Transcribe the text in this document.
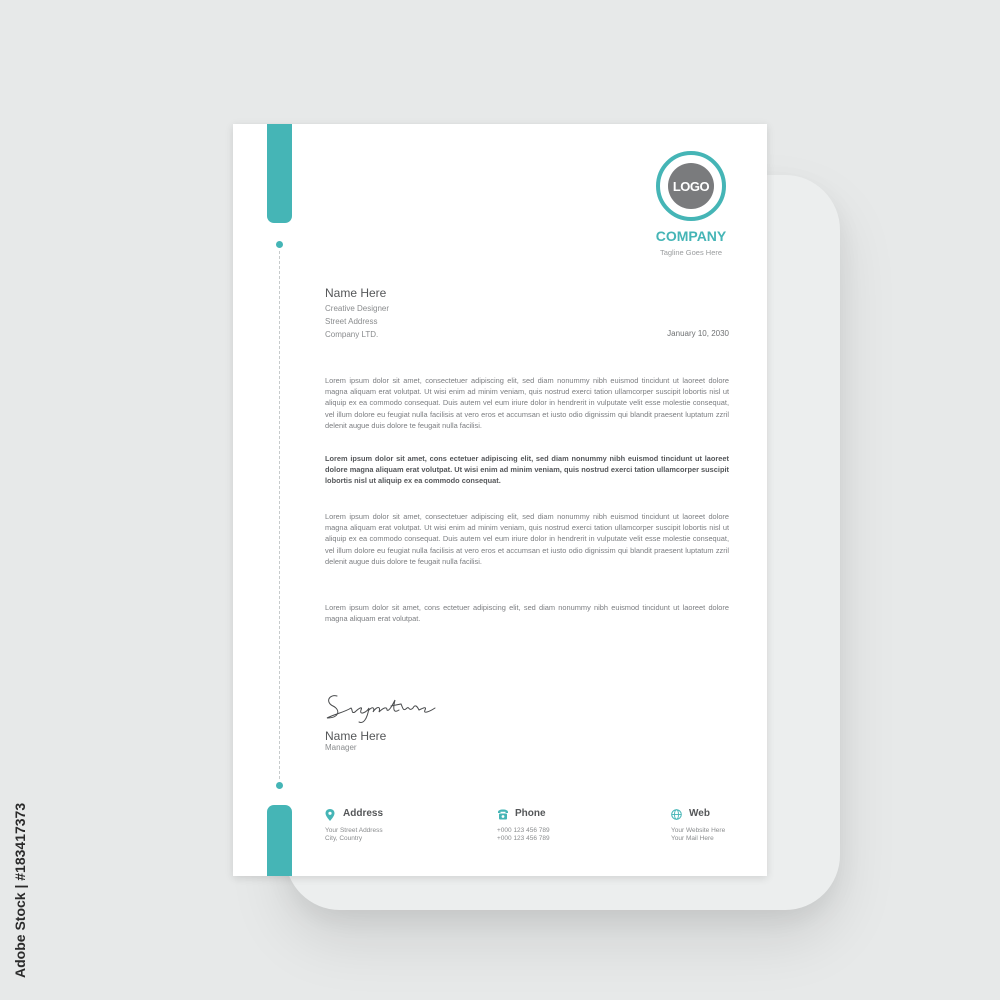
Adobe Stock | #183417373
LOGO
COMPANY
Tagline Goes Here
Name Here
Creative Designer
Street Address
Company LTD.	January 10, 2030
Lorem ipsum dolor sit amet, consectetuer adipiscing elit, sed diam nonummy nibh euismod tincidunt ut laoreet dolore magna aliquam erat volutpat. Ut wisi enim ad minim veniam, quis nostrud exerci tation ullamcorper suscipit lobortis nisl ut aliquip ex ea commodo consequat. Duis autem vel eum iriure dolor in hendrerit in vulputate velit esse molestie consequat, vel illum dolore eu feugiat nulla facilisis at vero eros et accumsan et iusto odio dignissim qui blandit praesent luptatum zzril delenit augue duis dolore te feugait nulla facilisi.
Lorem ipsum dolor sit amet, cons ectetuer adipiscing elit, sed diam nonummy nibh euismod tincidunt ut laoreet dolore magna aliquam erat volutpat. Ut wisi enim ad minim veniam, quis nostrud exerci tation ullamcorper suscipit lobortis nisl ut aliquip ex ea commodo consequat.
Lorem ipsum dolor sit amet, consectetuer adipiscing elit, sed diam nonummy nibh euismod tincidunt ut laoreet dolore magna aliquam erat volutpat. Ut wisi enim ad minim veniam, quis nostrud exerci tation ullamcorper suscipit lobortis nisl ut aliquip ex ea commodo consequat. Duis autem vel eum iriure dolor in hendrerit in vulputate velit esse molestie consequat, vel illum dolore eu feugiat nulla facilisis at vero eros et accumsan et iusto odio dignissim qui blandit praesent luptatum zzril delenit augue duis dolore te feugait nulla facilisi.
Lorem ipsum dolor sit amet, cons ectetuer adipiscing elit, sed diam nonummy nibh euismod tincidunt ut laoreet dolore magna aliquam erat volutpat.
Name Here
Manager
Address
Your Street Address
City, Country
Phone
+000 123 456 789
+000 123 456 789
Web
Your Website Here
Your Mail Here
